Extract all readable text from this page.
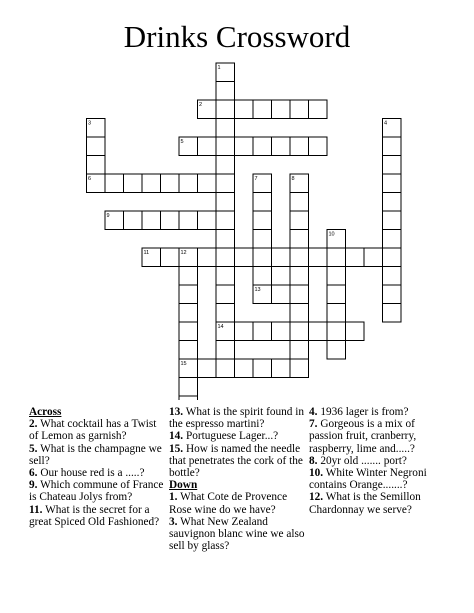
Drinks Crossword
1
2
3	4
5
6	7	8
9
10
11	12
13
14
15

Across

2. What cocktail has a Twist of Lemon as garnish?

5. What is the champagne we sell?

6. Our house red is a .....?

9. Which commune of France is Chateau Jolys from?

11. What is the secret for a great Spiced Old Fashioned?

13. What is the spirit found in the espresso martini?

14. Portuguese Lager...?

15. How is named the needle that penetrates the cork of the bottle?

Down

1. What Cote de Provence Rose wine do we have?

3. What New Zealand sauvignon blanc wine we also sell by glass?

4. 1936 lager is from?

7. Gorgeous is a mix of passion fruit, cranberry, raspberry, lime and.....?

8. 20yr old ....... port?

10. White Winter Negroni contains Orange.......?

12. What is the Semillon Chardonnay we serve?
